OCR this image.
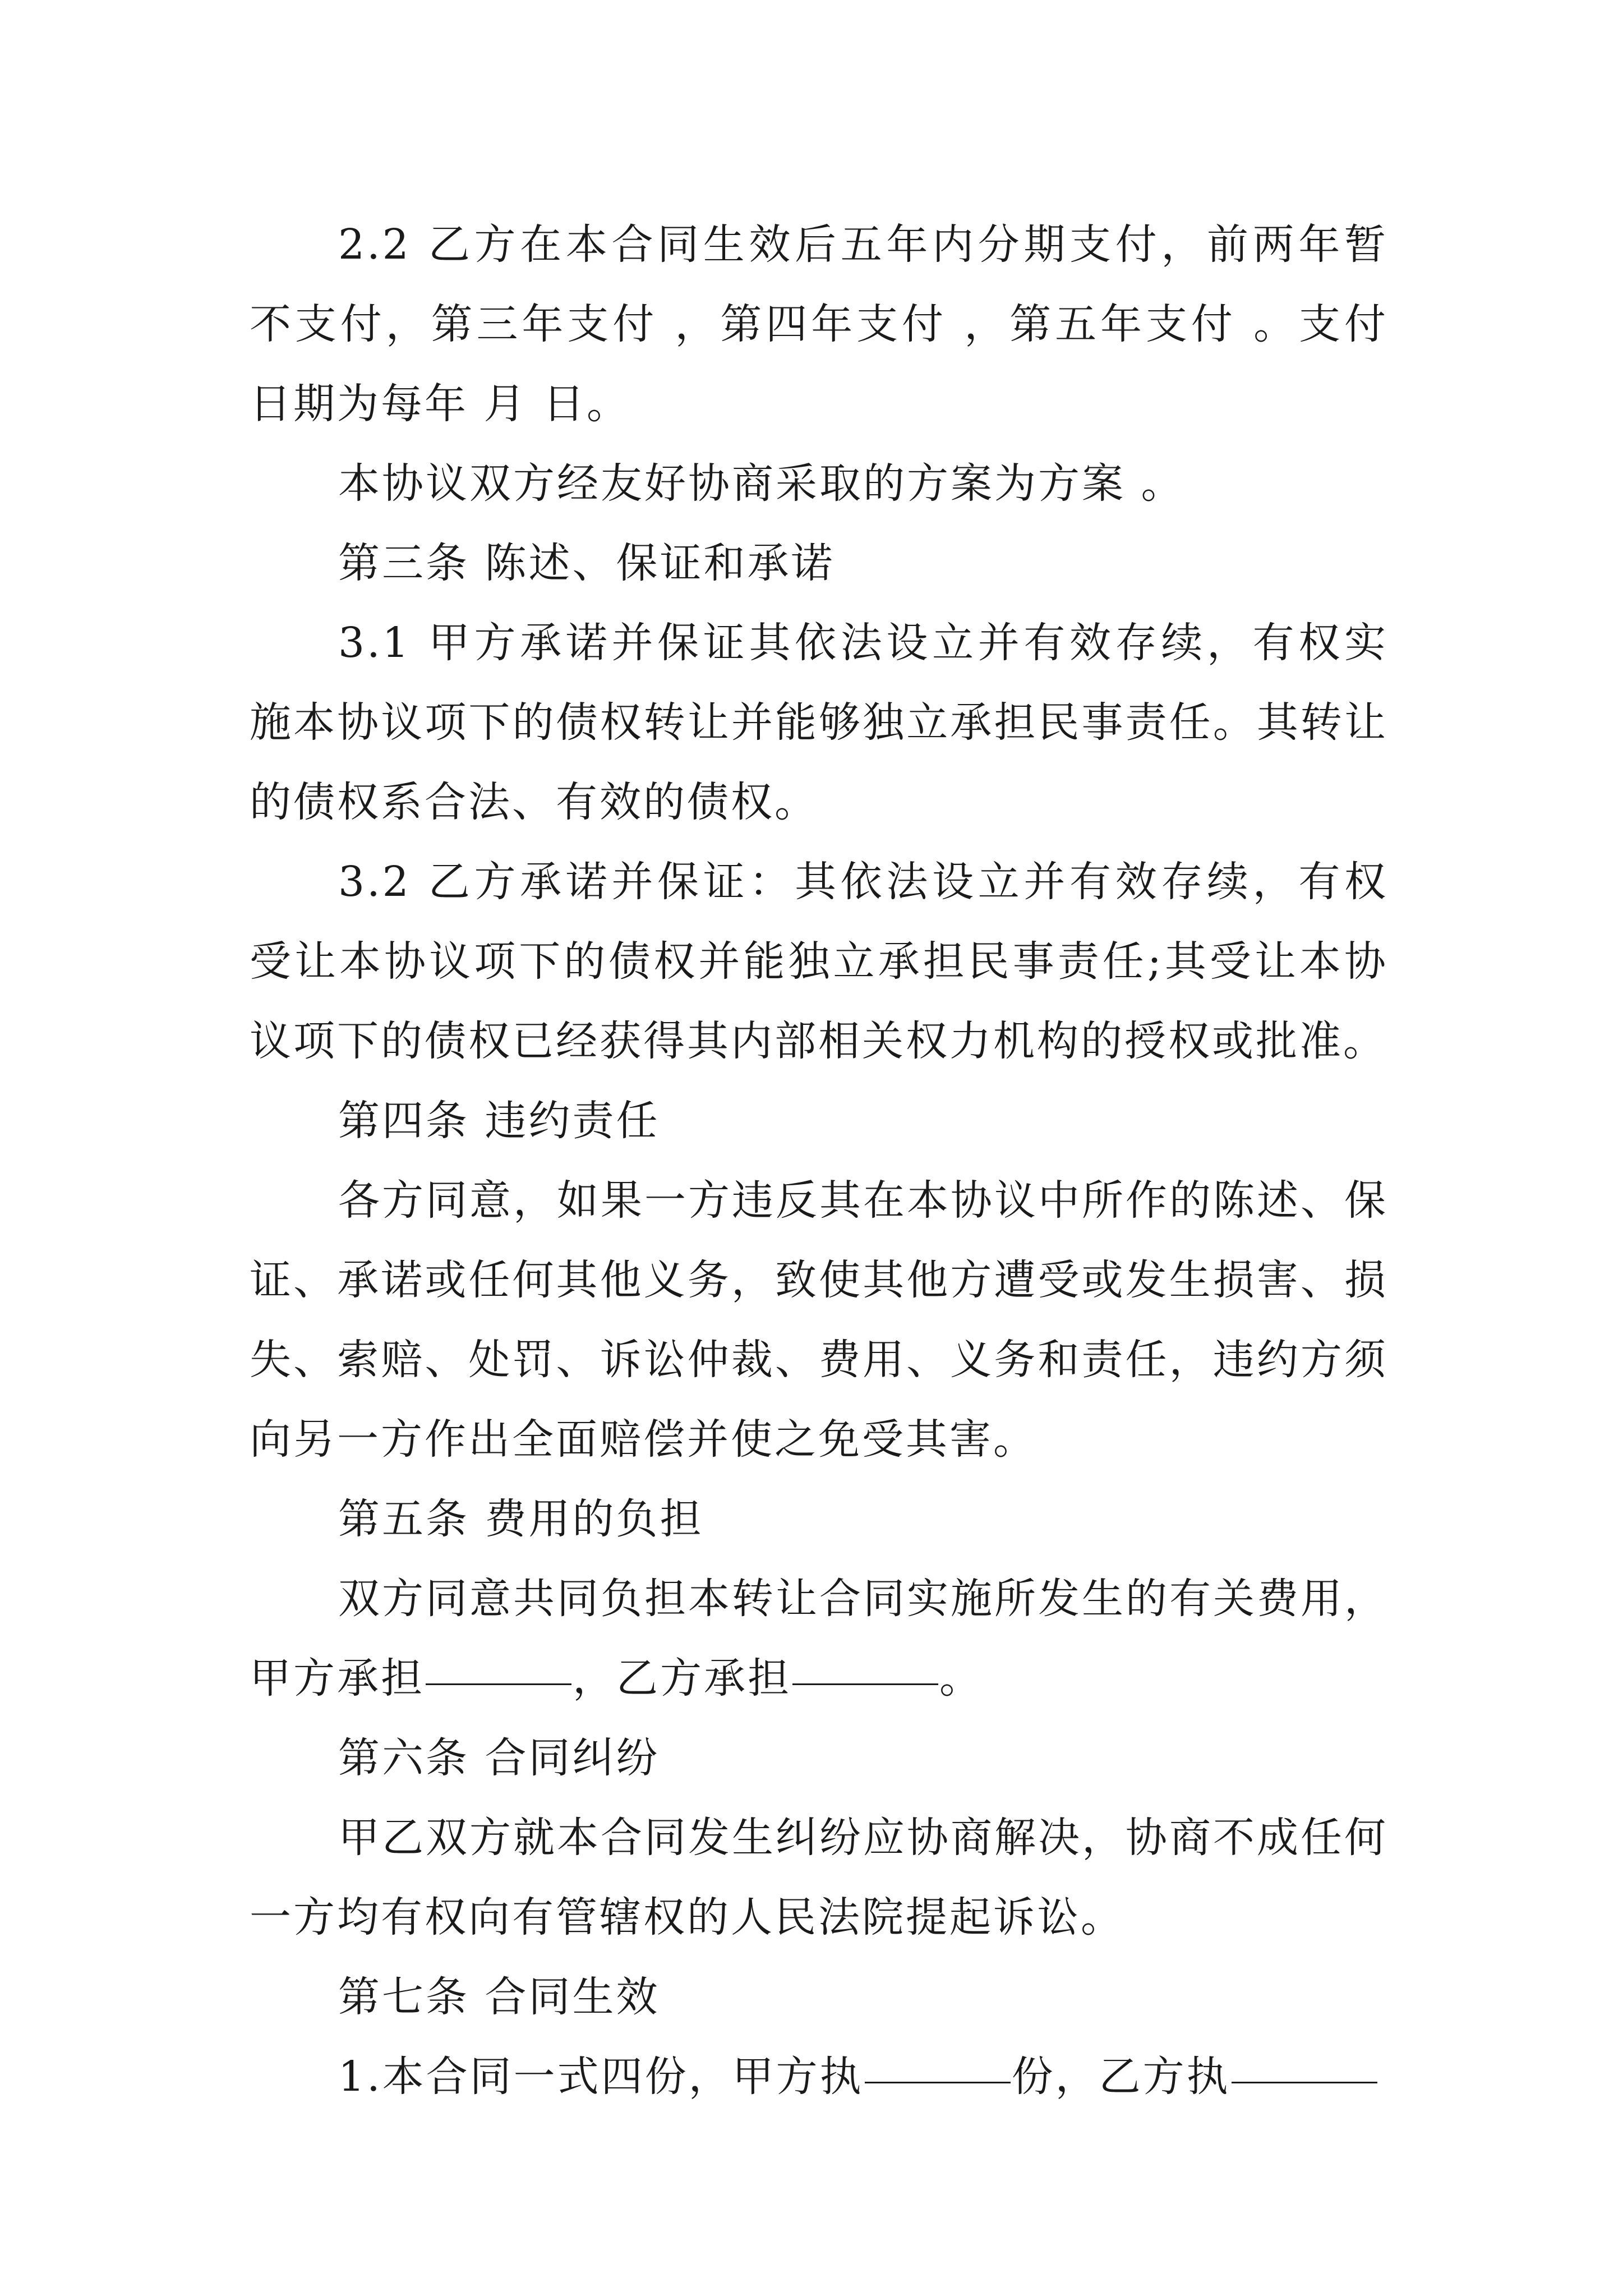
2.2 乙方在本合同生效后五年内分期支付，前两年暂不支付，第三年支付 ，第四年支付 ，第五年支付 。支付日期为每年 月 日。

本协议双方经友好协商采取的方案为方案 。

第三条 陈述、保证和承诺

3.1 甲方承诺并保证其依法设立并有效存续，有权实施本协议项下的债权转让并能够独立承担民事责任。其转让的债权系合法、有效的债权。

3.2 乙方承诺并保证：其依法设立并有效存续，有权受让本协议项下的债权并能独立承担民事责任;其受让本协议项下的债权已经获得其内部相关权力机构的授权或批准。

第四条 违约责任

各方同意，如果一方违反其在本协议中所作的陈述、保证、承诺或任何其他义务，致使其他方遭受或发生损害、损失、索赔、处罚、诉讼仲裁、费用、义务和责任，违约方须向另一方作出全面赔偿并使之免受其害。

第五条 费用的负担

双方同意共同负担本转让合同实施所发生的有关费用，甲方承担	，乙方承担	。

第六条 合同纠纷

甲乙双方就本合同发生纠纷应协商解决，协商不成任何一方均有权向有管辖权的人民法院提起诉讼。

第七条 合同生效

1.本合同一式四份，甲方执	份，乙方执
